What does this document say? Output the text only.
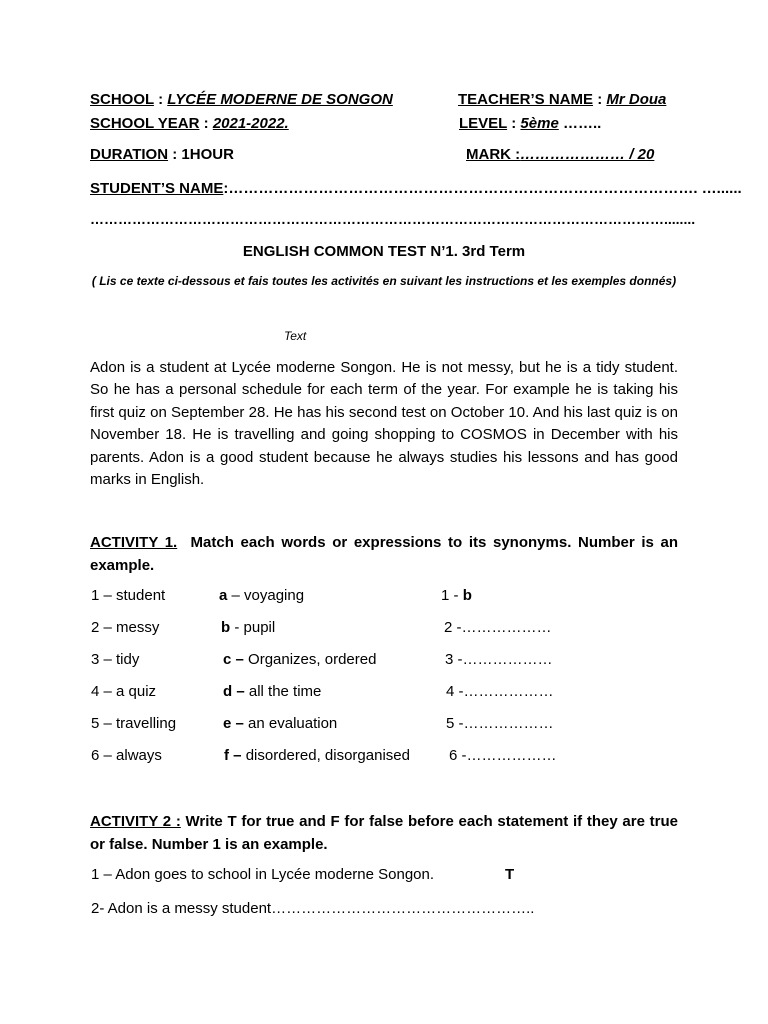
SCHOOL : LYCÉE MODERNE DE SONGON	TEACHER’S NAME : Mr Doua
SCHOOL YEAR : 2021-2022.	LEVEL : 5ème ……..
DURATION : 1HOUR	MARK :………………… / 20
STUDENT’S NAME:…………………………………………………………………………………. …......
……………………………………………………………………………………………………………........
ENGLISH COMMON TEST N’1. 3rd Term
( Lis ce texte ci-dessous et fais toutes les activités en suivant les instructions et les exemples donnés)
Text
Adon is a student at Lycée moderne Songon. He is not messy, but he is a tidy student. So he has a personal schedule for each term of the year. For example he is taking his first quiz on September 28. He has his second test on October 10. And his last quiz is on November 18. He is travelling and going shopping to COSMOS in December with his parents. Adon is a good student because he always studies his lessons and has good marks in English.
ACTIVITY 1. Match each words or expressions to its synonyms. Number is an example.
1 – student	a – voyaging	1 - b
2 – messy	b - pupil	2 -………………
3 – tidy	c – Organizes, ordered	3 -………………
4 – a quiz	d – all the time	4 -………………
5 – travelling	e – an evaluation	5 -………………
6 – always	f – disordered, disorganised	6 -………………
ACTIVITY 2 : Write T for true and F for false before each statement if they are true or false. Number 1 is an example.
1 – Adon goes to school in Lycée moderne Songon.	T
2- Adon is a messy student……………………………………………..
